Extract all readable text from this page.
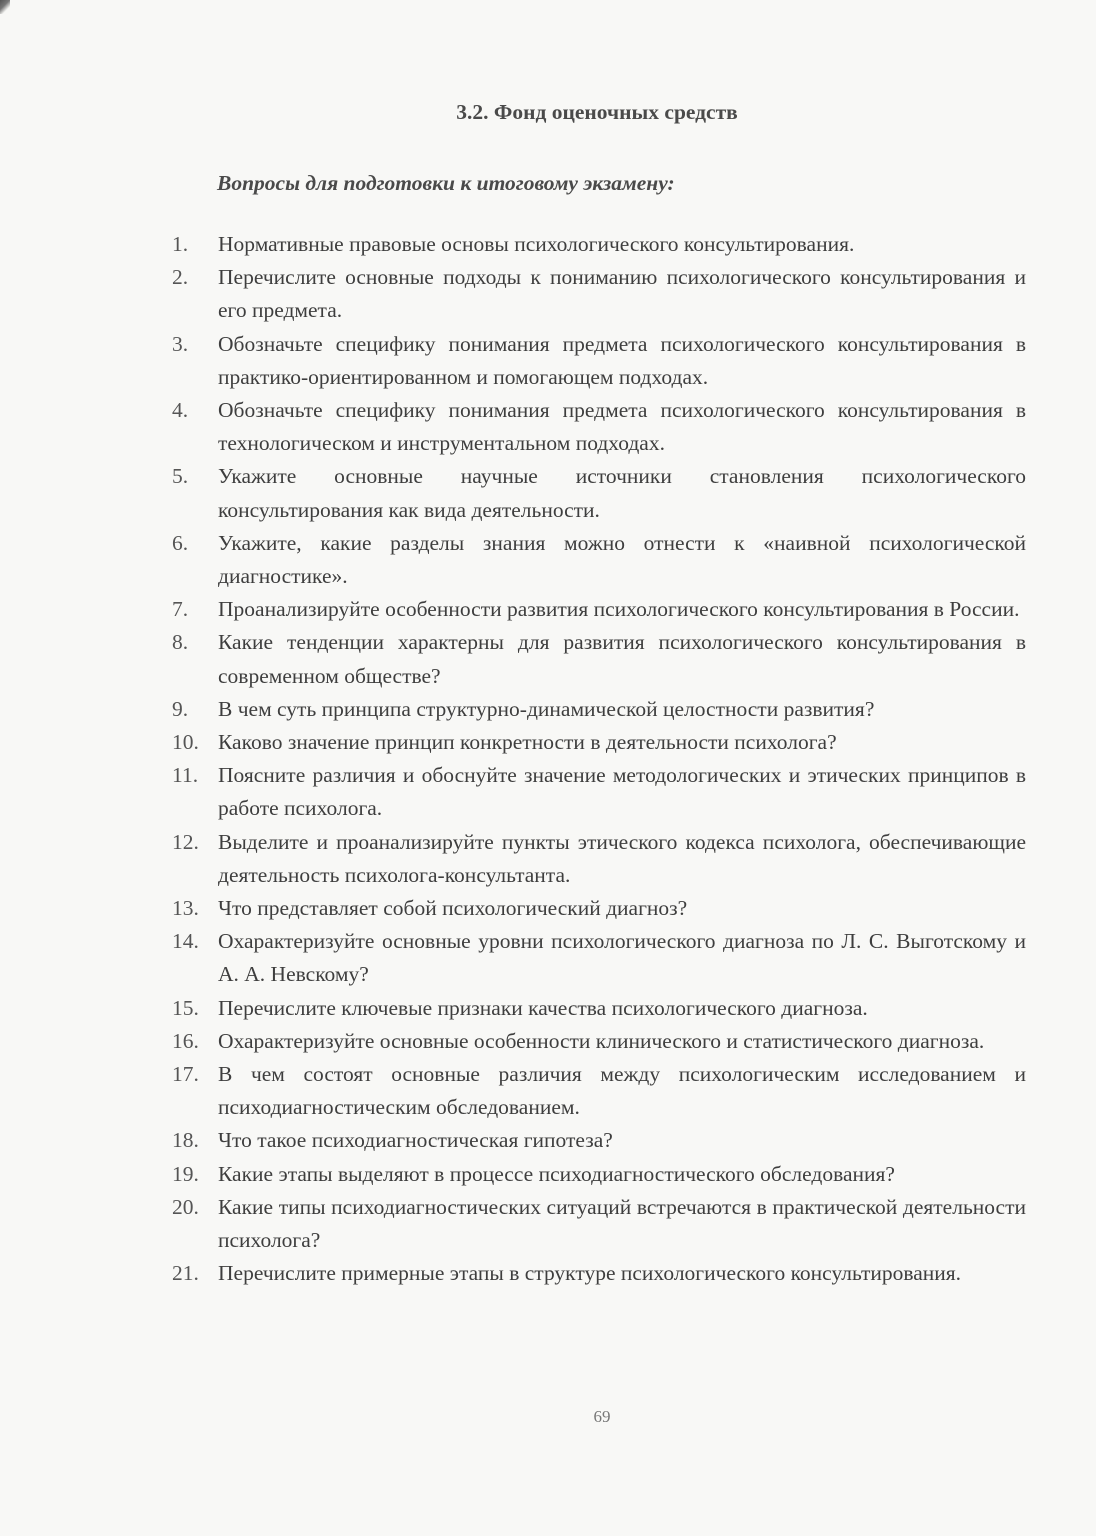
3.2. Фонд оценочных средств
Вопросы для подготовки к итоговому экзамену:
1.	Нормативные правовые основы психологического консультирования.
2.	Перечислите основные подходы к пониманию психологического консультирования и его предмета.
3.	Обозначьте специфику понимания предмета психологического консультирования в практико-ориентированном и помогающем подходах.
4.	Обозначьте специфику понимания предмета психологического консультирования в технологическом и инструментальном подходах.
5.	Укажите основные научные источники становления психологического консультирования как вида деятельности.
6.	Укажите, какие разделы знания можно отнести к «наивной психологической диагностике».
7.	Проанализируйте особенности развития психологического консультирования в России.
8.	Какие тенденции характерны для развития психологического консультирования в современном обществе?
9.	В чем суть принципа структурно-динамической целостности развития?
10. Каково значение принцип конкретности в деятельности психолога?
11. Поясните различия и обоснуйте значение методологических и этических принципов в работе психолога.
12. Выделите и проанализируйте пункты этического кодекса психолога, обеспечивающие деятельность психолога-консультанта.
13. Что представляет собой психологический диагноз?
14. Охарактеризуйте основные уровни психологического диагноза по Л. С. Выготскому и А. А. Невскому?
15. Перечислите ключевые признаки качества психологического диагноза.
16. Охарактеризуйте основные особенности клинического и статистического диагноза.
17. В чем состоят основные различия между психологическим исследованием и психодиагностическим обследованием.
18. Что такое психодиагностическая гипотеза?
19. Какие этапы выделяют в процессе психодиагностического обследования?
20. Какие типы психодиагностических ситуаций встречаются в практической деятельности психолога?
21. Перечислите примерные этапы в структуре психологического консультирования.
69
